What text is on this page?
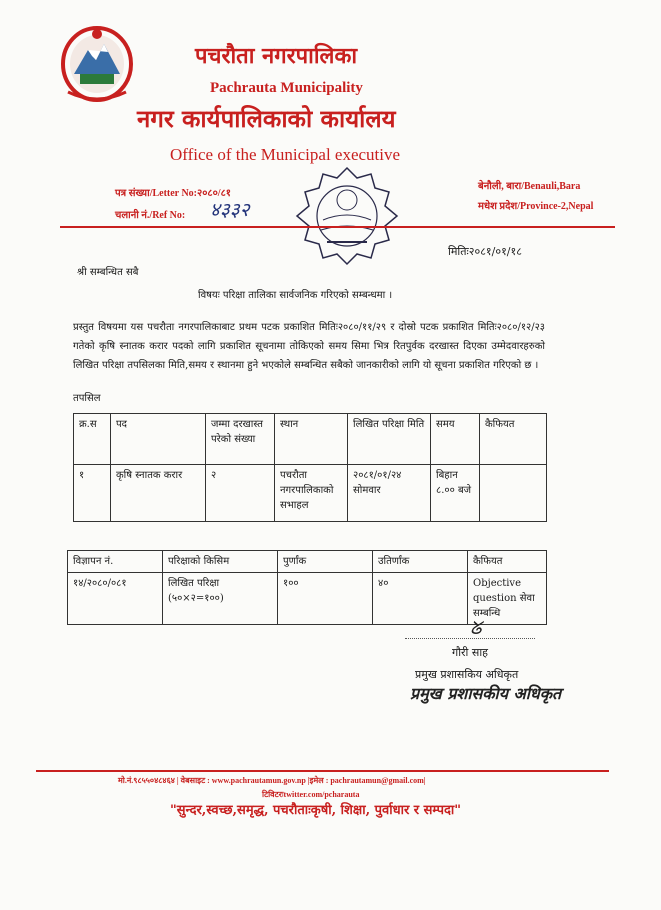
पचरौता नगरपालिका
Pachrauta Municipality
नगर कार्यपालिकाको कार्यालय
Office of the Municipal executive
पत्र संख्या/Letter No:२०८०/८१
चलानी नं./Ref No: ४३३२
बेनौली, बारा/Benauli,Bara
मधेश प्रदेश/Province-2,Nepal
मितिः२०८१/०१/१८
श्री सम्बन्धित सबै
विषयः परिक्षा तालिका सार्वजनिक गरिएको सम्बन्धमा ।
प्रस्तुत विषयमा यस पचरौता नगरपालिकाबाट प्रथम पटक प्रकाशित मितिः२०८०/११/२९ र दोस्रो पटक प्रकाशित मितिः२०८०/१२/२३ गतेको कृषि स्नातक करार पदको लागि प्रकाशित सूचनामा तोकिएको समय सिमा भित्र रितपुर्वक दरखास्त दिएका उम्मेदवारहरुको लिखित परिक्षा तपसिलका मिति,समय र स्थानमा हुने भएकोले सम्बन्धित सबैको जानकारीको लागि यो सूचना प्रकाशित गरिएको छ ।
तपसिल
क्र.स	पद	जम्मा दरखास्त परेको संख्या	स्थान	लिखित परिक्षा मिति	समय	कैफियत
१	कृषि स्नातक करार	२	पचरौता नगरपालिकाको सभाहल	२०८१/०१/२४ सोमवार	बिहान ८.०० बजे	
विज्ञापन नं.	परिक्षाको किसिम	पुर्णांक	उतिर्णांक	कैफियत
१४/२०८०/०८१	लिखित परिक्षा (५०×२=१००)	१००	४०	Objective question सेवा सम्बन्धि
ᘜ
गौरी साह
प्रमुख प्रशासकिय अधिकृत
प्रमुख प्रशासकीय अधिकृत
मो.नं.९८५५०४८४६४ | वेबसाइट : www.pachrautamun.gov.np |इमेल : pachrautamun@gmail.com|
टिविटरःtwitter.com/pcharauta
"सुन्दर,स्वच्छ,समृद्ध, पचरौताःकृषी, शिक्षा, पुर्वाधार र सम्पदा"
